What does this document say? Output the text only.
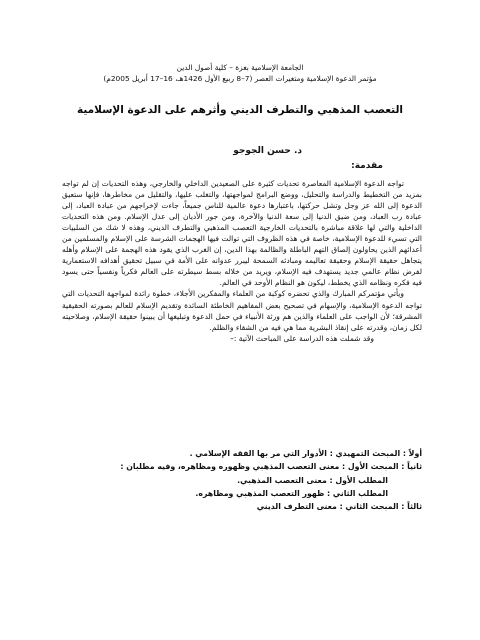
الجامعة الإسلامية بغزة – كلية أصول الدين
مؤتمر الدعوة الإسلامية ومتغيرات العصر (7–8 ربيع الأول 1426هـ، 16–17 أبريل 2005م)
التعصب المذهبي والتطرف الديني وأثرهم على الدعوة الإسلامية
د. حسن الجوجو
مقدمة:

تواجه الدعوة الإسلامية المعاصرة تحديات كثيرة على الصعيدين الداخلي والخارجي، وهذه التحديات إن لم تواجه بمزيد من التخطيط والدراسة والتحليل، ووضع البرامج لمواجهتها، والتغلب عليها، والتقليل من مخاطرها، فإنها ستعيق الدعوة إلى الله عز وجل وتشل حركتها، باعتبارها دعوة عالمية للناس جميعاً، جاءت لإخراجهم من عبادة العباد، إلى عبادة رب العباد، ومن ضيق الدنيا إلى سعة الدنيا والآخرة، ومن جور الأديان إلى عدل الإسلام. ومن هذه التحديات الداخلية والتي لها علاقة مباشرة بالتحديات الخارجية التعصب المذهبي والتطرف الديني، وهذه لا شك من السلبيات التي تسيء للدعوة الإسلامية، خاصة في هذه الظروف التي توالت فيها الهجمات الشرسة على الإسلام والمسلمين من أعدائهم الذين يحاولون إلصاق التهم الباطلة والظالمة بهذا الدين، إن الغرب الذي يقود هذه الهجمة على الإسلام وأهله يتجاهل حقيقة الإسلام وحقيقة تعاليمه ومبادئه السمحة ليبرر عدوانه على الأمة في سبيل تحقيق أهدافه الاستعمارية لفرض نظام عالمي جديد يستهدف فيه الإسلام، ويريد من خلاله بسط سيطرته على العالم فكرياً ونفسياً حتى يسود فيه فكره ونظامه الذي يخطط، ليكون هو النظام الأوحد في العالم.

ويأتي مؤتمركم المبارك والذي تحضره كوكبة من العلماء والمفكرين الأجلاء، خطوة رائدة لمواجهة التحديات التي تواجه الدعوة الإسلامية، والإسهام في تصحيح بعض المفاهيم الخاطئة السائدة وتقديم الإسلام للعالم بصورته الحقيقية المشرقة؛ لأن الواجب على العلماء والذين هم ورثة الأنبياء في حمل الدعوة وتبليغها أن يبينوا حقيقة الإسلام، وصلاحيته لكل زمان، وقدرته على إنقاذ البشرية مما هي فيه من الشقاء والظلم.

وقد شملت هذه الدراسة على المباحث الآتية :–

أولاً : المبحث التمهيدي : الأدوار التي مر بها الفقه الإسلامي .
ثانياً : المبحث الأول : معنى التعصب المذهبي وظهوره ومظاهره، وفيه مطلبان :
المطلب الأول : معنى التعصب المذهبي.
المطلب الثاني : ظهور التعصب المذهبي ومظاهره.
ثالثاً : المبحث الثاني : معنى التطرف الديني
